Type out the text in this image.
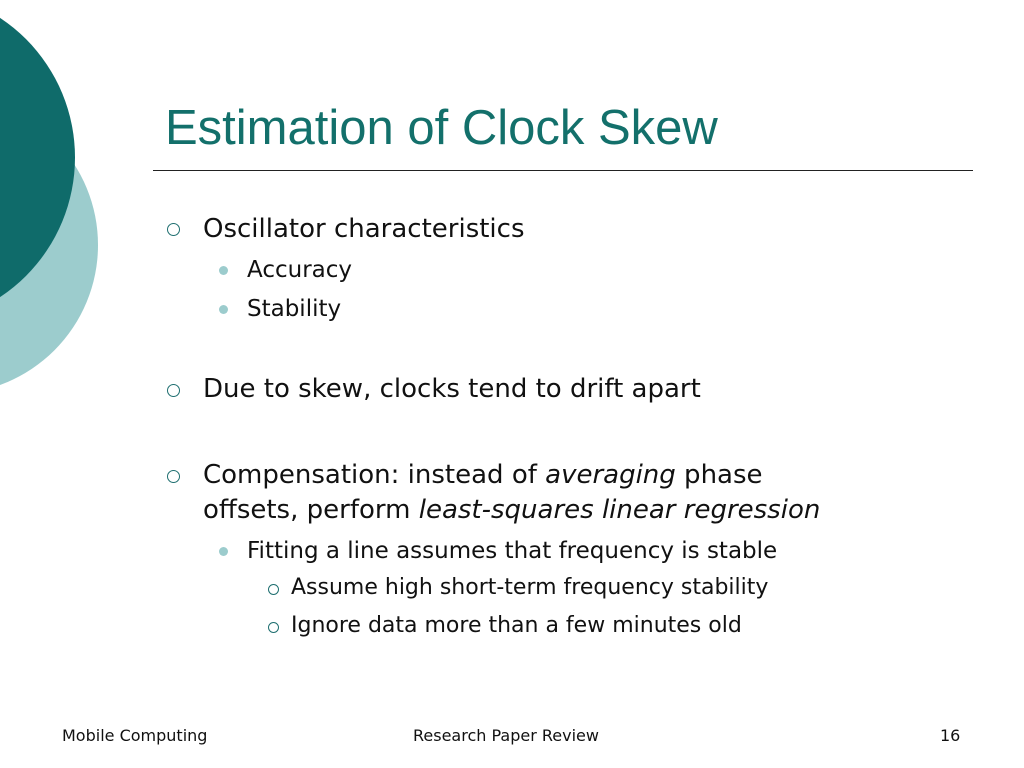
Estimation of Clock Skew
Oscillator characteristics
Accuracy
Stability
Due to skew, clocks tend to drift apart
Compensation: instead of averaging phase
offsets, perform least-squares linear regression
Fitting a line assumes that frequency is stable
Assume high short-term frequency stability
Ignore data more than a few minutes old
Mobile Computing	Research Paper Review	16
